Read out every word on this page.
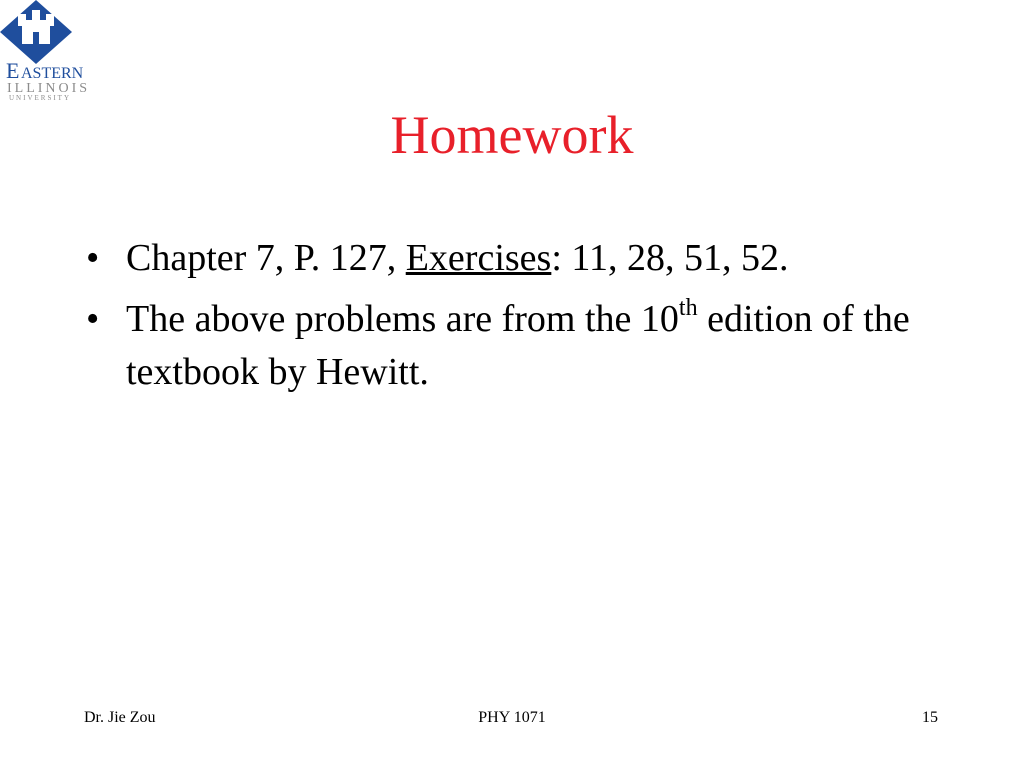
E ASTERN
ILLINOIS
UNIVERSITY
Homework
• Chapter 7, P. 127, Exercises: 11, 28, 51, 52.
• The above problems are from the 10th edition of the textbook by Hewitt.
Dr. Jie Zou	PHY 1071	15
